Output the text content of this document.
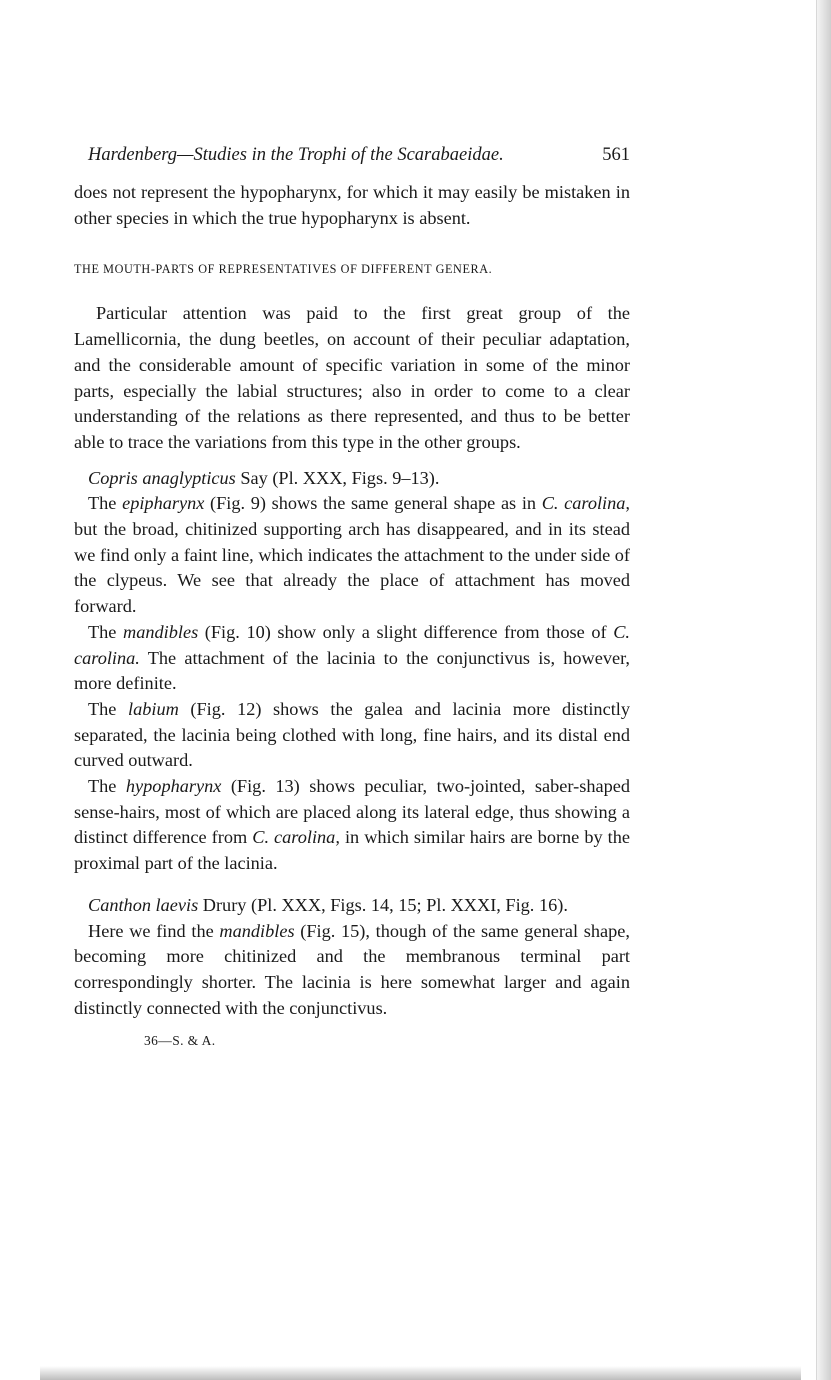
Hardenberg—Studies in the Trophi of the Scarabaeidae.	561

does not represent the hypopharynx, for which it may easily be mistaken in other species in which the true hypopharynx is absent.

THE MOUTH-PARTS OF REPRESENTATIVES OF DIFFERENT GENERA.

Particular attention was paid to the first great group of the Lamellicornia, the dung beetles, on account of their peculiar adaptation, and the considerable amount of specific variation in some of the minor parts, especially the labial structures; also in order to come to a clear understanding of the relations as there represented, and thus to be better able to trace the variations from this type in the other groups.

Copris anaglypticus Say (Pl. XXX, Figs. 9–13).

The epipharynx (Fig. 9) shows the same general shape as in C. carolina, but the broad, chitinized supporting arch has disappeared, and in its stead we find only a faint line, which indicates the attachment to the under side of the clypeus. We see that already the place of attachment has moved forward.

The mandibles (Fig. 10) show only a slight difference from those of C. carolina. The attachment of the lacinia to the conjunctivus is, however, more definite.

The labium (Fig. 12) shows the galea and lacinia more distinctly separated, the lacinia being clothed with long, fine hairs, and its distal end curved outward.

The hypopharynx (Fig. 13) shows peculiar, two-jointed, saber-shaped sense-hairs, most of which are placed along its lateral edge, thus showing a distinct difference from C. carolina, in which similar hairs are borne by the proximal part of the lacinia.

Canthon laevis Drury (Pl. XXX, Figs. 14, 15; Pl. XXXI, Fig. 16).

Here we find the mandibles (Fig. 15), though of the same general shape, becoming more chitinized and the membranous terminal part correspondingly shorter. The lacinia is here somewhat larger and again distinctly connected with the conjunctivus.

36—S. & A.
